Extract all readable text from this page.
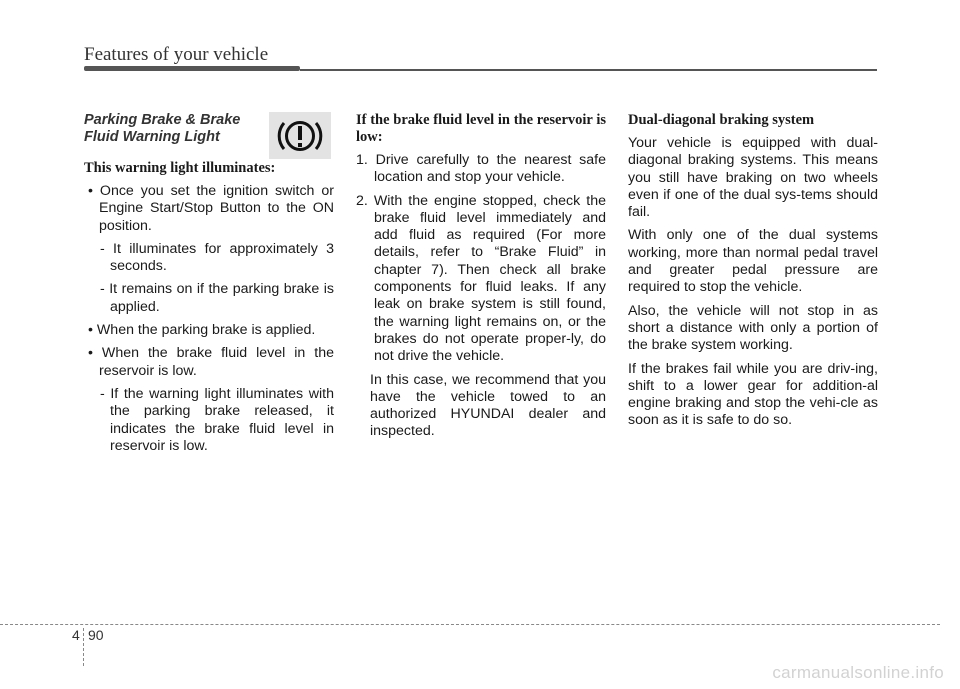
Features of your vehicle
Parking Brake & Brake Fluid Warning Light

This warning light illuminates:

• Once you set the ignition switch or Engine Start/Stop Button to the ON position.

- It illuminates for approximately 3 seconds.

- It remains on if the parking brake is applied.

• When the parking brake is applied.

• When the brake fluid level in the reservoir is low.

- If the warning light illuminates with the parking brake released, it indicates the brake fluid level in reservoir is low.

If the brake fluid level in the reservoir is low:

1. Drive carefully to the nearest safe location and stop your vehicle.

2. With the engine stopped, check the brake fluid level immediately and add fluid as required (For more details, refer to “Brake Fluid” in chapter 7). Then check all brake components for fluid leaks. If any leak on brake system is still found, the warning light remains on, or the brakes do not operate proper-ly, do not drive the vehicle.

In this case, we recommend that you have the vehicle towed to an authorized HYUNDAI dealer and inspected.

Dual-diagonal braking system

Your vehicle is equipped with dual-diagonal braking systems. This means you still have braking on two wheels even if one of the dual sys-tems should fail.

With only one of the dual systems working, more than normal pedal travel and greater pedal pressure are required to stop the vehicle.

Also, the vehicle will not stop in as short a distance with only a portion of the brake system working.

If the brakes fail while you are driv-ing, shift to a lower gear for addition-al engine braking and stop the vehi-cle as soon as it is safe to do so.

4 90
carmanualsonline.info
